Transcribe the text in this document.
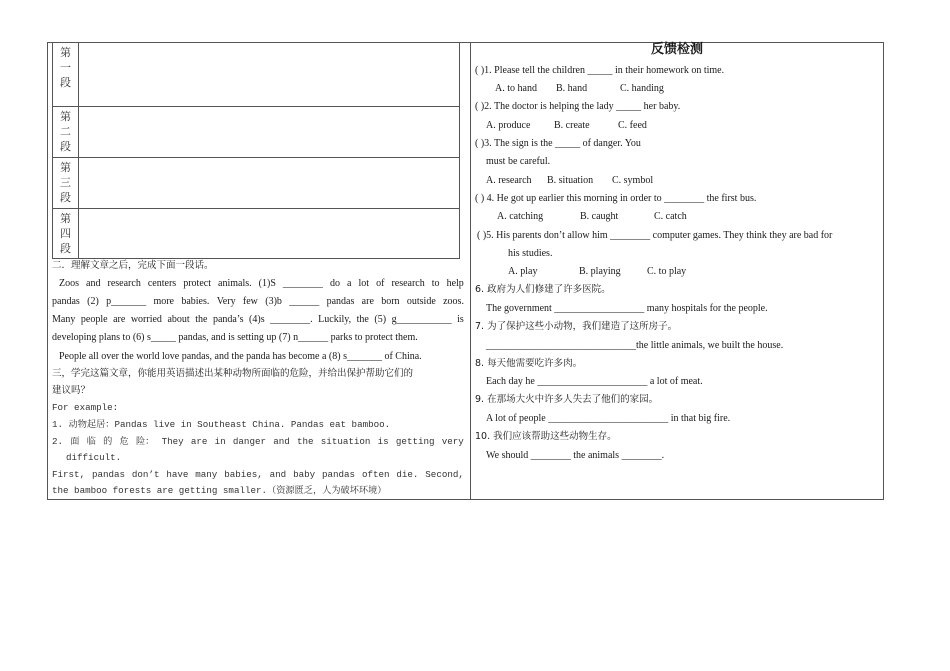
第
一
段
第
二
段
第
三
段
第
四
段
二．理解文章之后，完成下面一段话。
Zoos and research centers protect animals. (1)S ________ do a lot of research to help
pandas (2) p_______ more babies. Very few (3)b ______ pandas are born outside zoos.
Many people are worried about the panda’s (4)s ________. Luckily, the (5) g___________ is
developing plans to (6) s_____ pandas, and is setting up (7) n______ parks to protect them.
People all over the world love pandas, and the panda has become a (8) s_______ of China.
三，学完这篇文章，你能用英语描述出某种动物所面临的危险，并给出保护帮助它们的
建议吗？
For example:
1. 动物起居：Pandas live in Southeast China. Pandas eat bamboo.
2. 面 临 的 危 险： They are in danger and the situation is getting very
difficult.
First, pandas don’t have many babies, and baby pandas often die. Second,
the bamboo forests are getting smaller.（资源匮乏，人为破坏环境）
反馈检测
( )1. Please tell the children _____ in their homework on time.
A. to hand B. hand	C. handing
( )2. The doctor is helping the lady _____ her baby.
A. produce B. create	C. feed
( )3. The sign is the _____ of danger. You
must be careful.
A. research B. situation C. symbol
( ) 4. He got up earlier this morning in order to ________ the first bus.
A. catching	B. caught	C. catch
( )5. His parents don’t allow him ________ computer games. They think they are bad for
his studies.
A. play	B. playing	C. to play
6. 政府为人们修建了许多医院。
The government __________________ many hospitals for the people.
7. 为了保护这些小动物，我们建造了这所房子。
______________________________the little animals, we built the house.
8. 每天他需要吃许多肉。
Each day he ______________________ a lot of meat.
9. 在那场大火中许多人失去了他们的家园。
A lot of people ________________________ in that big fire.
10. 我们应该帮助这些动物生存。
We should ________ the animals ________.
